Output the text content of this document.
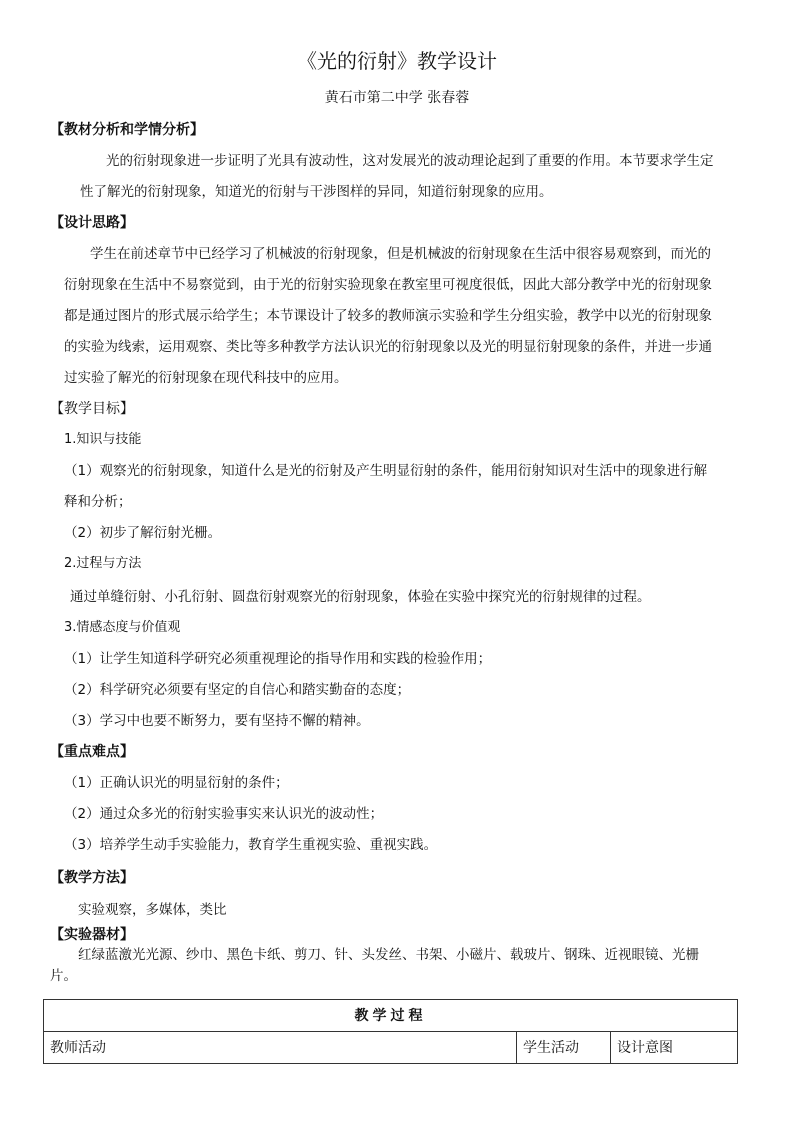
《光的衍射》教学设计
黄石市第二中学 张春蓉
【教材分析和学情分析】
光的衍射现象进一步证明了光具有波动性，这对发展光的波动理论起到了重要的作用。本节要求学生定
性了解光的衍射现象，知道光的衍射与干涉图样的异同，知道衍射现象的应用。
【设计思路】
学生在前述章节中已经学习了机械波的衍射现象，但是机械波的衍射现象在生活中很容易观察到，而光的
衍射现象在生活中不易察觉到，由于光的衍射实验现象在教室里可视度很低，因此大部分教学中光的衍射现象
都是通过图片的形式展示给学生；本节课设计了较多的教师演示实验和学生分组实验，教学中以光的衍射现象
的实验为线索，运用观察、类比等多种教学方法认识光的衍射现象以及光的明显衍射现象的条件，并进一步通
过实验了解光的衍射现象在现代科技中的应用。
【教学目标】
1.知识与技能
（1）观察光的衍射现象，知道什么是光的衍射及产生明显衍射的条件，能用衍射知识对生活中的现象进行解
释和分析；
（2）初步了解衍射光栅。
2.过程与方法
通过单缝衍射、小孔衍射、圆盘衍射观察光的衍射现象，体验在实验中探究光的衍射规律的过程。
3.情感态度与价值观
（1）让学生知道科学研究必须重视理论的指导作用和实践的检验作用；
（2）科学研究必须要有坚定的自信心和踏实勤奋的态度；
（3）学习中也要不断努力，要有坚持不懈的精神。
【重点难点】
（1）正确认识光的明显衍射的条件；
（2）通过众多光的衍射实验事实来认识光的波动性；
（3）培养学生动手实验能力，教育学生重视实验、重视实践。
【教学方法】
实验观察，多媒体，类比
【实验器材】
红绿蓝激光光源、纱巾、黑色卡纸、剪刀、针、头发丝、书架、小磁片、载玻片、钢珠、近视眼镜、光栅
片。
教学过程
教师活动	学生活动	设计意图
